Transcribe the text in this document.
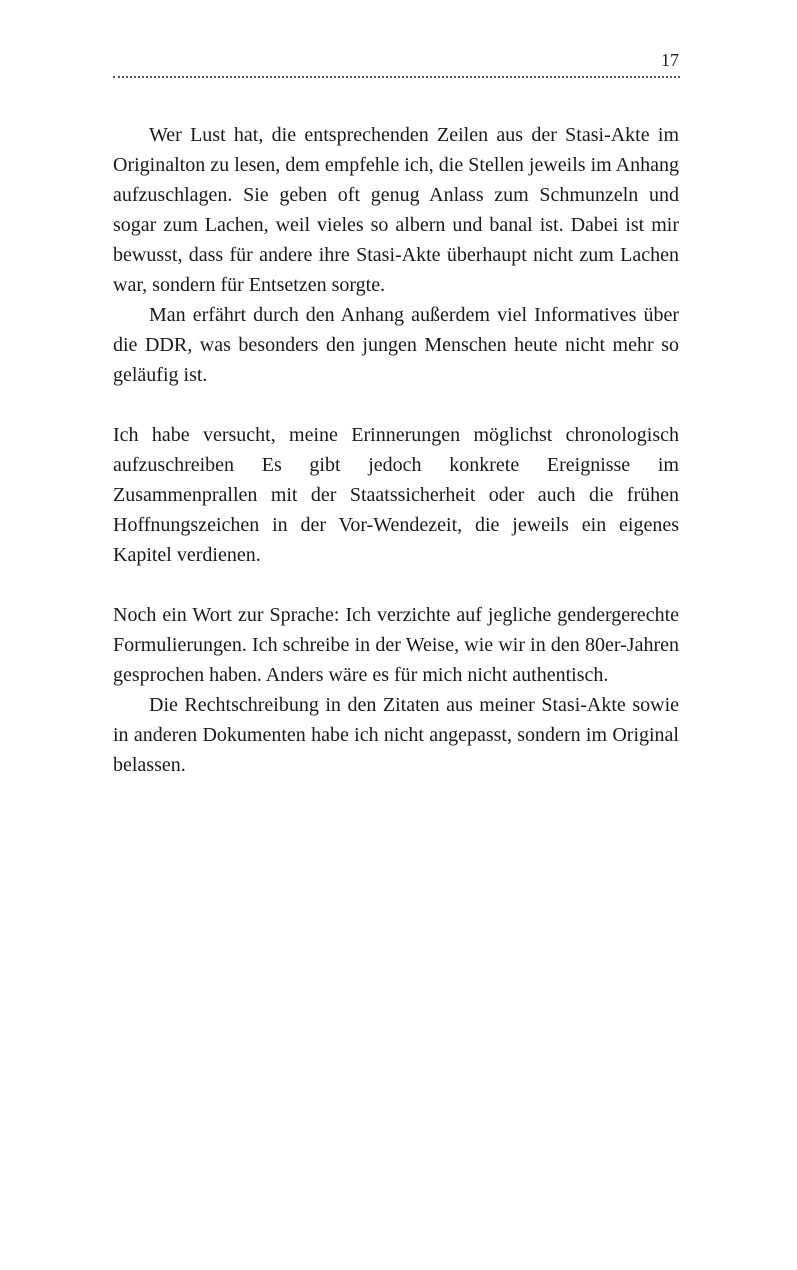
17

Wer Lust hat, die entsprechenden Zeilen aus der Stasi-Akte im Originalton zu lesen, dem empfehle ich, die Stellen jeweils im Anhang aufzuschlagen. Sie geben oft genug Anlass zum Schmunzeln und sogar zum Lachen, weil vieles so albern und banal ist. Dabei ist mir bewusst, dass für andere ihre Stasi-Akte überhaupt nicht zum Lachen war, sondern für Entsetzen sorgte.

Man erfährt durch den Anhang außerdem viel Informatives über die DDR, was besonders den jungen Menschen heute nicht mehr so geläufig ist.

Ich habe versucht, meine Erinnerungen möglichst chronologisch aufzuschreiben Es gibt jedoch konkrete Ereignisse im Zusammenprallen mit der Staatssicherheit oder auch die frühen Hoffnungszeichen in der Vor-Wendezeit, die jeweils ein eigenes Kapitel verdienen.

Noch ein Wort zur Sprache: Ich verzichte auf jegliche gendergerechte Formulierungen. Ich schreibe in der Weise, wie wir in den 80er-Jahren gesprochen haben. Anders wäre es für mich nicht authentisch.

Die Rechtschreibung in den Zitaten aus meiner Stasi-Akte sowie in anderen Dokumenten habe ich nicht angepasst, sondern im Original belassen.
